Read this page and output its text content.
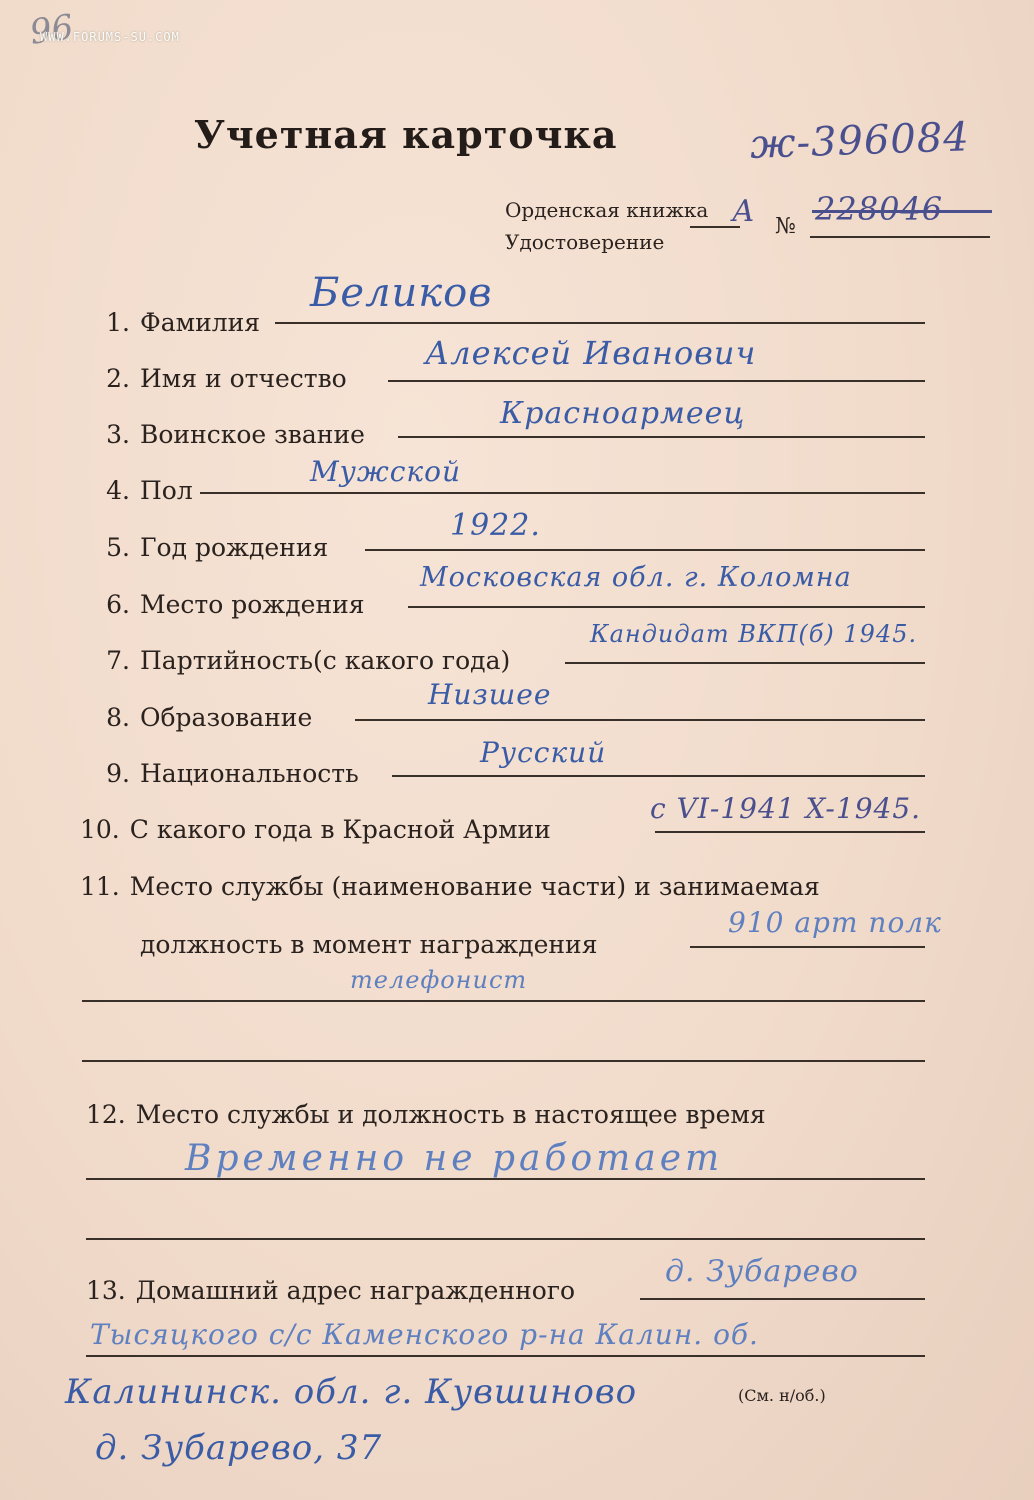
96
WWW.FORUMS-SU.COM
Учетная карточка	ж-396084
Орденская книжка
Удостоверение
А № 228046
1. Фамилия
Беликов
2. Имя и отчество
Алексей Иванович
3. Воинское звание
Красноармеец
4. Пол
Мужской
5. Год рождения
1922.
6. Место рождения
Московская обл. г. Коломна
7. Партийность(с какого года)
Кандидат ВКП(б) 1945.
8. Образование
Низшее
9. Национальность
Русский
10. С какого года в Красной Армии
с VI-1941 X-1945.
11. Место службы (наименование части) и занимаемая
должность в момент награждения
910 арт полк
телефонист
12. Место службы и должность в настоящее время
Временно не работает
13. Домашний адрес награжденного
д. Зубарево
Тысяцкого с/с Каменского р-на Калин. об.
Калининск. обл. г. Кувшиново	(См. н/об.)
д. Зубарево, 37
